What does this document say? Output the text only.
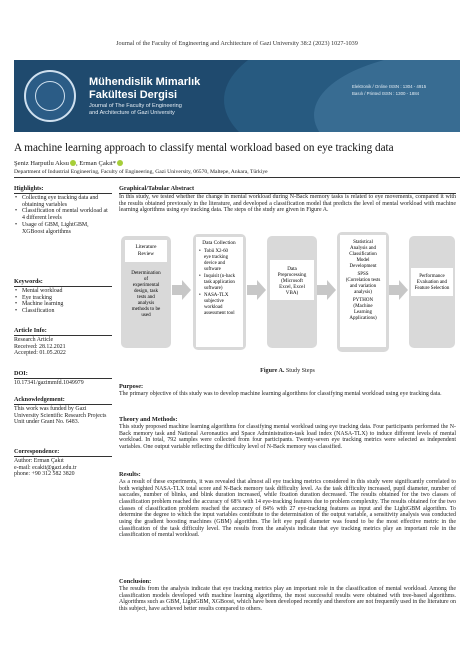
Journal of the Faculty of Engineering and Architecture of Gazi University 38:2 (2023) 1027-1039
Mühendislik Mimarlık
Fakültesi Dergisi
Journal of The Faculty of Engineering
and Architecture of Gazi University
Elektronik / Online ISSN : 1304 - 4915
Basılı / Printed ISSN : 1300 - 1884
A machine learning approach to classify mental workload based on eye tracking data
Şeniz Harputlu Aksu , Erman Çakıt*
Department of Industrial Engineering, Faculty of Engineering, Gazi University, 06570, Maltepe, Ankara, Türkiye
Highlights:
• Collecting eye tracking data and obtaining variables
• Classification of mental workload at 4 different levels
• Usage of GBM, LightGBM, XGBoost algorithms
Keywords:
• Mental workload
• Eye tracking
• Machine learning
• Classification
Article Info:
Research Article
Received: 28.12.2021
Accepted: 01.05.2022
DOI:
10.17341/gazimmfd.1049979
Acknowledgement:
This work was funded by Gazi University Scientific Research Projects Unit under Grant No. 6483.
Correspondence:
Author: Erman Çakıt
e-mail: ecakit@gazi.edu.tr
phone: +90 312 582 3820
Graphical/Tabular Abstract
In this study, we tested whether the change in mental workload during N-Back memory tasks is related to eye movements, compared it with the results obtained previously in the literature, and developed a classification model that predicts the level of mental workload with machine learning algorithms using eye tracking data. The steps of the study are given in Figure A.
Literature
Review
Determination
of
experimental
design, task
tests and
analysis
methods to be
used
Data Collection
• Tobii X2-60
eye tracking
device and
software
• Inquisit (n-back
task application
software)
• NASA-TLX
subjective
workload
assessment tool
Data
Preprocessing
(Microsoft
Excel, Excel
VBA)
Statistical
Analysis and
Classification
Model
Development
SPSS
(Correlation tests
and variation
analysis)
PYTHON
(Machine
Learning
Applications)
Performance
Evaluation and
Feature Selection
Figure A. Study Steps
Purpose:
The primary objective of this study was to develop machine learning algorithms for classifying mental workload using eye tracking data.
Theory and Methods:
This study proposed machine learning algorithms for classifying mental workload using eye tracking data. Four participants performed the N-Back memory task and National Aeronautics and Space Administration-task load index (NASA-TLX) to induce different levels of mental workload. In total, 792 samples were collected from four participants. Twenty-seven eye tracking metrics were selected as independent variables. One output variable reflecting the difficulty level of N-Back memory was classified.
Results:
As a result of these experiments, it was revealed that almost all eye tracking metrics considered in this study were significantly correlated to both weighted NASA-TLX total score and N-Back memory task difficulty level. As the task difficulty increased, pupil diameter, number of saccades, number of blinks, and blink duration increased, while fixation duration decreased. The results obtained for the two classes of classification problem reached the accuracy of 68% with 14 eye-tracking features due to problem complexity. The results obtained for the two classes of classification problem reached the accuracy of 84% with 27 eye-tracking features as input and the LightGBM algorithm. To determine the degree to which the input variables contribute to the determination of the output variable, a sensitivity analysis was conducted using the gradient boosting machines (GBM) algorithm. The left eye pupil diameter was found to be the most effective metric in the classification of the task difficulty level. The results from the analysis indicate that eye tracking metrics play an important role in the classification of mental workload.
Conclusion:
The results from the analysis indicate that eye tracking metrics play an important role in the classification of mental workload. Among the classification models developed with machine learning algorithms, the most successful results were obtained with tree-based algorithms. Algorithms such as GBM, LightGBM, XGBoost, which have been developed recently and therefore are not frequently used in the literature on this subject, have achieved better results compared to others.
